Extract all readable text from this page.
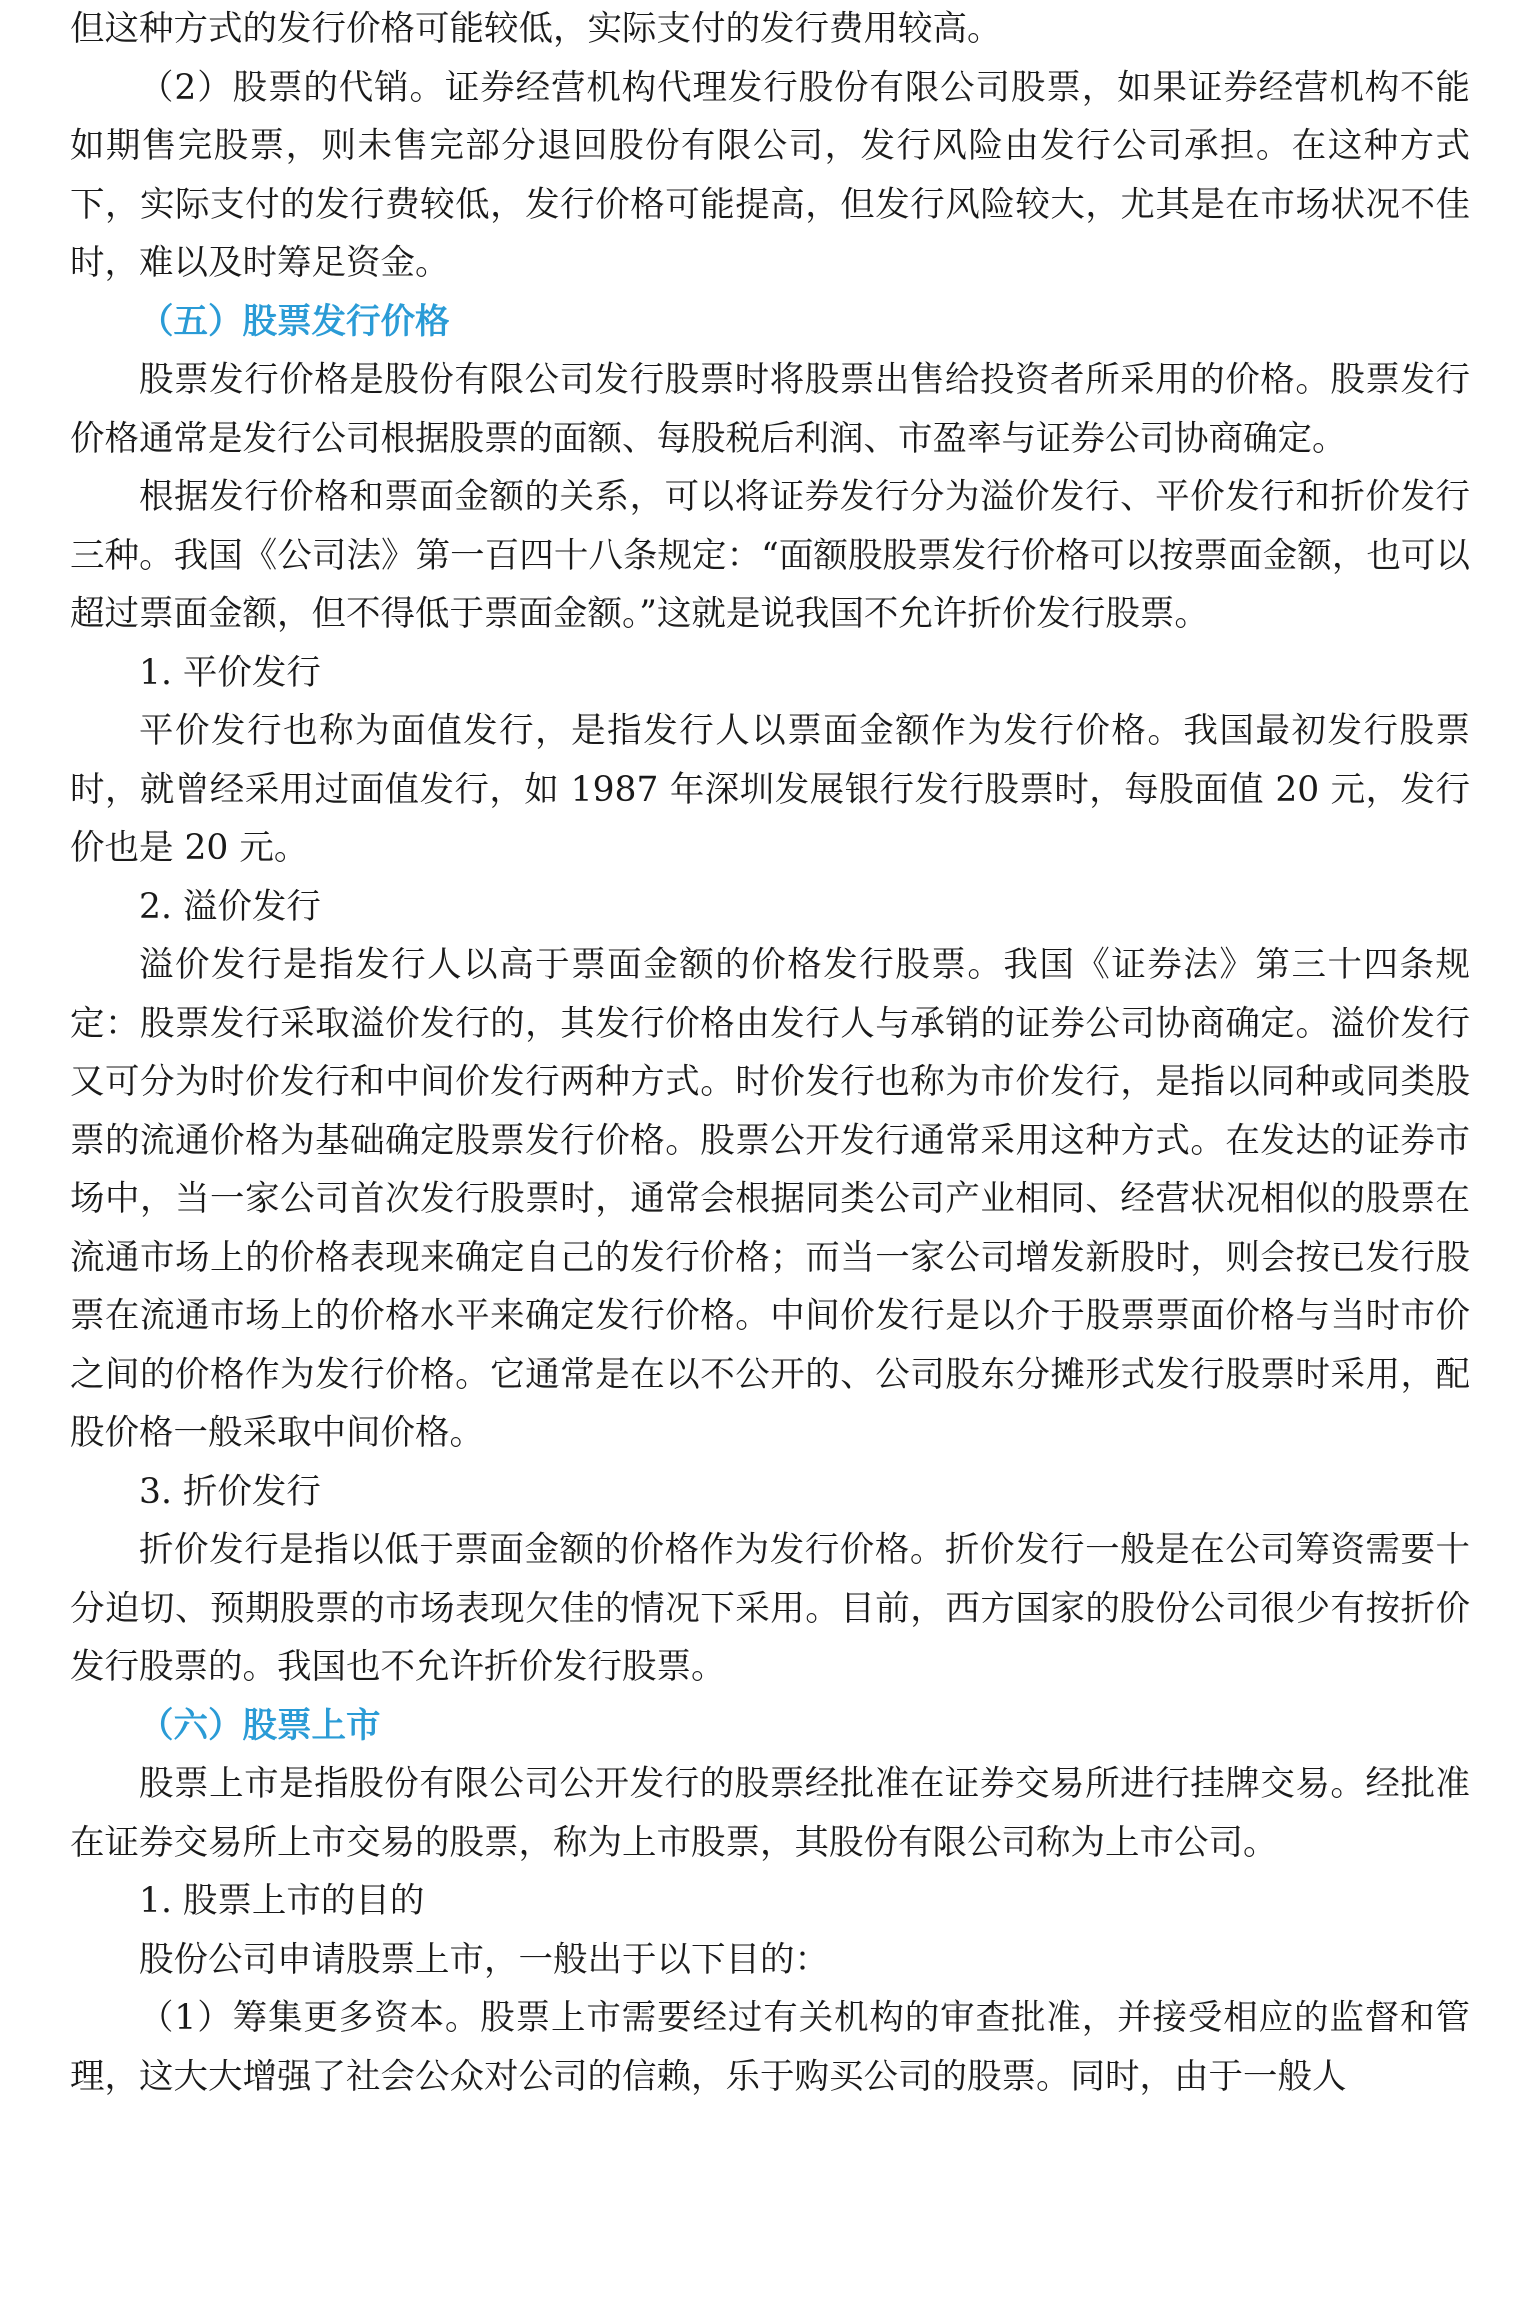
但这种方式的发行价格可能较低，实际支付的发行费用较高。

（2）股票的代销。证券经营机构代理发行股份有限公司股票，如果证券经营机构不能如期售完股票，则未售完部分退回股份有限公司，发行风险由发行公司承担。在这种方式下，实际支付的发行费较低，发行价格可能提高，但发行风险较大，尤其是在市场状况不佳时，难以及时筹足资金。

（五）股票发行价格

股票发行价格是股份有限公司发行股票时将股票出售给投资者所采用的价格。股票发行价格通常是发行公司根据股票的面额、每股税后利润、市盈率与证券公司协商确定。

根据发行价格和票面金额的关系，可以将证券发行分为溢价发行、平价发行和折价发行三种。我国《公司法》第一百四十八条规定：“面额股股票发行价格可以按票面金额，也可以超过票面金额，但不得低于票面金额。”这就是说我国不允许折价发行股票。

1. 平价发行

平价发行也称为面值发行，是指发行人以票面金额作为发行价格。我国最初发行股票时，就曾经采用过面值发行，如 1987 年深圳发展银行发行股票时，每股面值 20 元，发行价也是 20 元。

2. 溢价发行

溢价发行是指发行人以高于票面金额的价格发行股票。我国《证券法》第三十四条规定：股票发行采取溢价发行的，其发行价格由发行人与承销的证券公司协商确定。溢价发行又可分为时价发行和中间价发行两种方式。时价发行也称为市价发行，是指以同种或同类股票的流通价格为基础确定股票发行价格。股票公开发行通常采用这种方式。在发达的证券市场中，当一家公司首次发行股票时，通常会根据同类公司产业相同、经营状况相似的股票在流通市场上的价格表现来确定自己的发行价格；而当一家公司增发新股时，则会按已发行股票在流通市场上的价格水平来确定发行价格。中间价发行是以介于股票票面价格与当时市价之间的价格作为发行价格。它通常是在以不公开的、公司股东分摊形式发行股票时采用，配股价格一般采取中间价格。

3. 折价发行

折价发行是指以低于票面金额的价格作为发行价格。折价发行一般是在公司筹资需要十分迫切、预期股票的市场表现欠佳的情况下采用。目前，西方国家的股份公司很少有按折价发行股票的。我国也不允许折价发行股票。

（六）股票上市

股票上市是指股份有限公司公开发行的股票经批准在证券交易所进行挂牌交易。经批准在证券交易所上市交易的股票，称为上市股票，其股份有限公司称为上市公司。

1. 股票上市的目的

股份公司申请股票上市，一般出于以下目的：

（1）筹集更多资本。股票上市需要经过有关机构的审查批准，并接受相应的监督和管理，这大大增强了社会公众对公司的信赖，乐于购买公司的股票。同时，由于一般人
